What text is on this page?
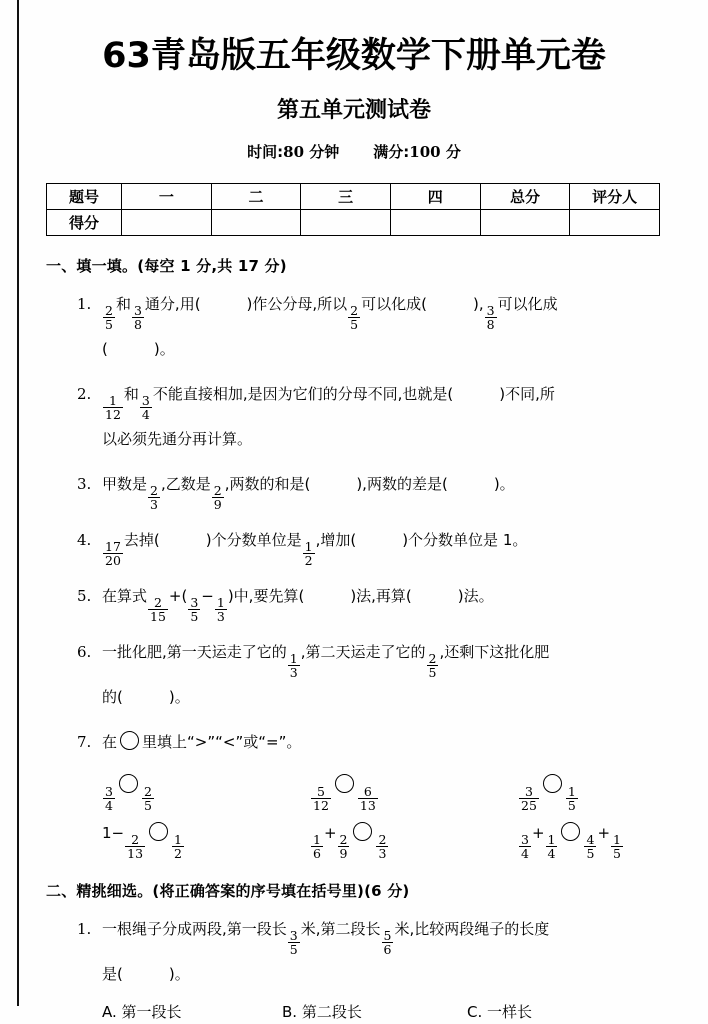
63青岛版五年级数学下册单元卷
第五单元测试卷

时间:80 分钟 满分:100 分

题号	一	二	三	四	总分	评分人
得分						

一、填一填。(每空 1 分,共 17 分)

1. $\frac{2}{5}$ 和 $\frac{3}{8}$ 通分,用(	)作公分母,所以 $\frac{2}{5}$ 可以化成(	), $\frac{3}{8}$ 可以化成
(	)。
2. $\frac{1}{12}$ 和 $\frac{3}{4}$ 不能直接相加,是因为它们的分母不同,也就是(	)不同,所
以必须先通分再计算。
3. 甲数是 $\frac{2}{3}$ ,乙数是 $\frac{2}{9}$ ,两数的和是(	),两数的差是(	)。
4. $\frac{17}{20}$ 去掉(	)个分数单位是 $\frac{1}{2}$ ,增加(	)个分数单位是 1。
5. 在算式 $\frac{2}{15}$ +( $\frac{3}{5} - \frac{1}{3}$ )中,要先算(	)法,再算(	)法。
6. 一批化肥,第一天运走了它的 $\frac{1}{3}$ ,第二天运走了它的 $\frac{2}{5}$ ,还剩下这批化肥
的(	)。
7. 在 里填上“>”“<”或“=”。
$\frac{3}{4} \frac{2}{5}$	$\frac{5}{12} \frac{6}{13}$	$\frac{3}{25} \frac{1}{5}$
$1- \frac{2}{13} \frac{1}{2}$	$\frac{1}{6} + \frac{2}{9} \frac{2}{3}$	$\frac{3}{4} + \frac{1}{4} \frac{4}{5} + \frac{1}{5}$

二、精挑细选。(将正确答案的序号填在括号里)(6 分)

1. 一根绳子分成两段,第一段长 $\frac{3}{5}$ 米,第二段长 $\frac{5}{6}$ 米,比较两段绳子的长度
是(	)。
A. 第一段长	B. 第二段长	C. 一样长
